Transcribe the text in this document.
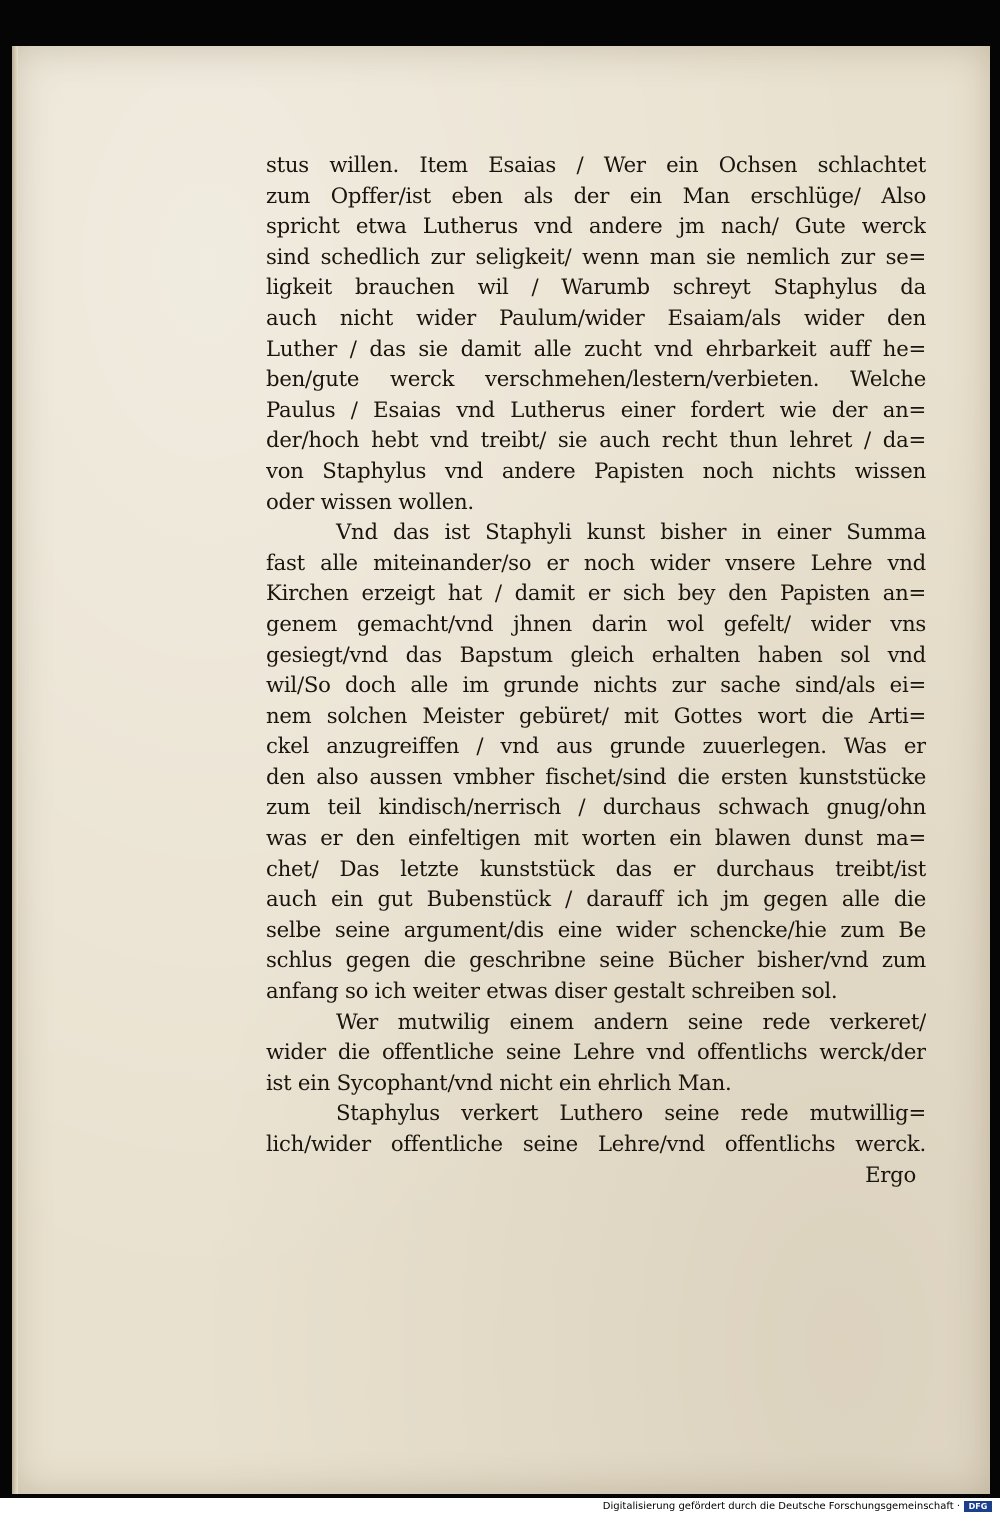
stus willen. Item Esaias / Wer ein Ochsen schlachtet
zum Opffer/ist eben als der ein Man erschlüge/ Also
spricht etwa Lutherus vnd andere jm nach/ Gute werck
sind schedlich zur seligkeit/ wenn man sie nemlich zur se=
ligkeit brauchen wil / Warumb schreyt Staphylus da
auch nicht wider Paulum/wider Esaiam/als wider den
Luther / das sie damit alle zucht vnd ehrbarkeit auff he=
ben/gute werck verschmehen/lestern/verbieten. Welche
Paulus / Esaias vnd Lutherus einer fordert wie der an=
der/hoch hebt vnd treibt/ sie auch recht thun lehret / da=
von Staphylus vnd andere Papisten noch nichts wissen
oder wissen wollen.
Vnd das ist Staphyli kunst bisher in einer Summa
fast alle miteinander/so er noch wider vnsere Lehre vnd
Kirchen erzeigt hat / damit er sich bey den Papisten an=
genem gemacht/vnd jhnen darin wol gefelt/ wider vns
gesiegt/vnd das Bapstum gleich erhalten haben sol vnd
wil/So doch alle im grunde nichts zur sache sind/als ei=
nem solchen Meister gebüret/ mit Gottes wort die Arti=
ckel anzugreiffen / vnd aus grunde zuuerlegen. Was er
den also aussen vmbher fischet/sind die ersten kunststücke
zum teil kindisch/nerrisch / durchaus schwach gnug/ohn
was er den einfeltigen mit worten ein blawen dunst ma=
chet/ Das letzte kunststück das er durchaus treibt/ist
auch ein gut Bubenstück / darauff ich jm gegen alle die
selbe seine argument/dis eine wider schencke/hie zum Be
schlus gegen die geschribne seine Bücher bisher/vnd zum
anfang so ich weiter etwas diser gestalt schreiben sol.
Wer mutwilig einem andern seine rede verkeret/
wider die offentliche seine Lehre vnd offentlichs werck/der
ist ein Sycophant/vnd nicht ein ehrlich Man.
Staphylus verkert Luthero seine rede mutwillig=
lich/wider offentliche seine Lehre/vnd offentlichs werck.
Ergo
Digitalisierung gefördert durch die Deutsche Forschungsgemeinschaft ·	DFG
